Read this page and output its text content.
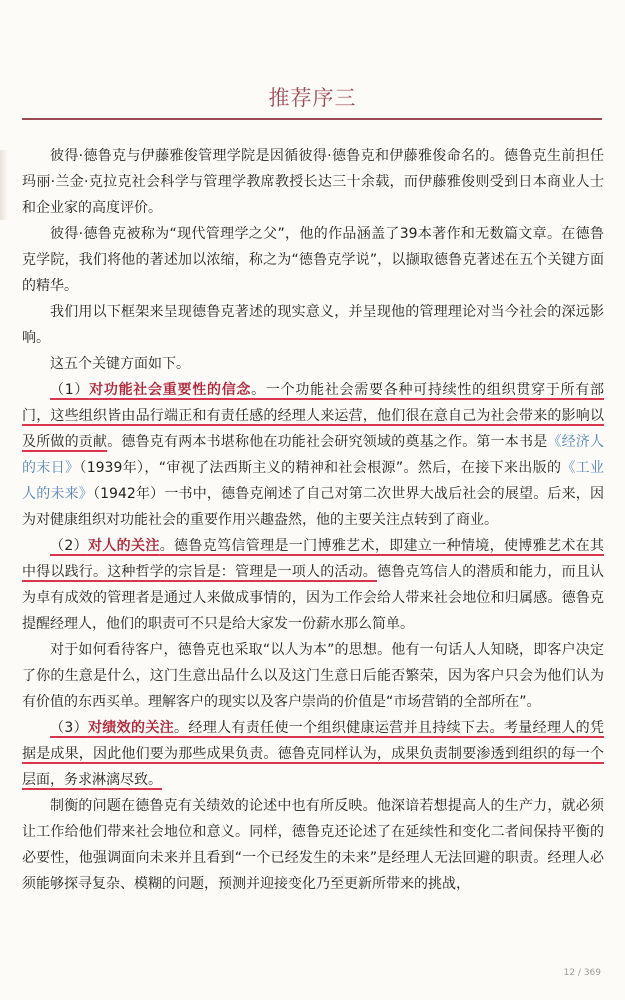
推荐序三

彼得·德鲁克与伊藤雅俊管理学院是因循彼得·德鲁克和伊藤雅俊命名的。德鲁克生前担任玛丽·兰金·克拉克社会科学与管理学教席教授长达三十余载，而伊藤雅俊则受到日本商业人士和企业家的高度评价。

彼得·德鲁克被称为“现代管理学之父”，他的作品涵盖了39本著作和无数篇文章。在德鲁克学院，我们将他的著述加以浓缩，称之为“德鲁克学说”，以撷取德鲁克著述在五个关键方面的精华。

我们用以下框架来呈现德鲁克著述的现实意义，并呈现他的管理理论对当今社会的深远影响。

这五个关键方面如下。

（1）对功能社会重要性的信念。一个功能社会需要各种可持续性的组织贯穿于所有部门，这些组织皆由品行端正和有责任感的经理人来运营，他们很在意自己为社会带来的影响以及所做的贡献。德鲁克有两本书堪称他在功能社会研究领域的奠基之作。第一本书是《经济人的末日》（1939年），“审视了法西斯主义的精神和社会根源”。然后，在接下来出版的《工业人的未来》（1942年）一书中，德鲁克阐述了自己对第二次世界大战后社会的展望。后来，因为对健康组织对功能社会的重要作用兴趣盎然，他的主要关注点转到了商业。

（2）对人的关注。德鲁克笃信管理是一门博雅艺术，即建立一种情境，使博雅艺术在其中得以践行。这种哲学的宗旨是：管理是一项人的活动。德鲁克笃信人的潜质和能力，而且认为卓有成效的管理者是通过人来做成事情的，因为工作会给人带来社会地位和归属感。德鲁克提醒经理人，他们的职责可不只是给大家发一份薪水那么简单。

对于如何看待客户，德鲁克也采取“以人为本”的思想。他有一句话人人知晓，即客户决定了你的生意是什么，这门生意出品什么以及这门生意日后能否繁荣，因为客户只会为他们认为有价值的东西买单。理解客户的现实以及客户崇尚的价值是“市场营销的全部所在”。

（3）对绩效的关注。经理人有责任使一个组织健康运营并且持续下去。考量经理人的凭据是成果，因此他们要为那些成果负责。德鲁克同样认为，成果负责制要渗透到组织的每一个层面，务求淋漓尽致。

制衡的问题在德鲁克有关绩效的论述中也有所反映。他深谙若想提高人的生产力，就必须让工作给他们带来社会地位和意义。同样，德鲁克还论述了在延续性和变化二者间保持平衡的必要性，他强调面向未来并且看到“一个已经发生的未来”是经理人无法回避的职责。经理人必须能够探寻复杂、模糊的问题，预测并迎接变化乃至更新所带来的挑战，

12 / 369
